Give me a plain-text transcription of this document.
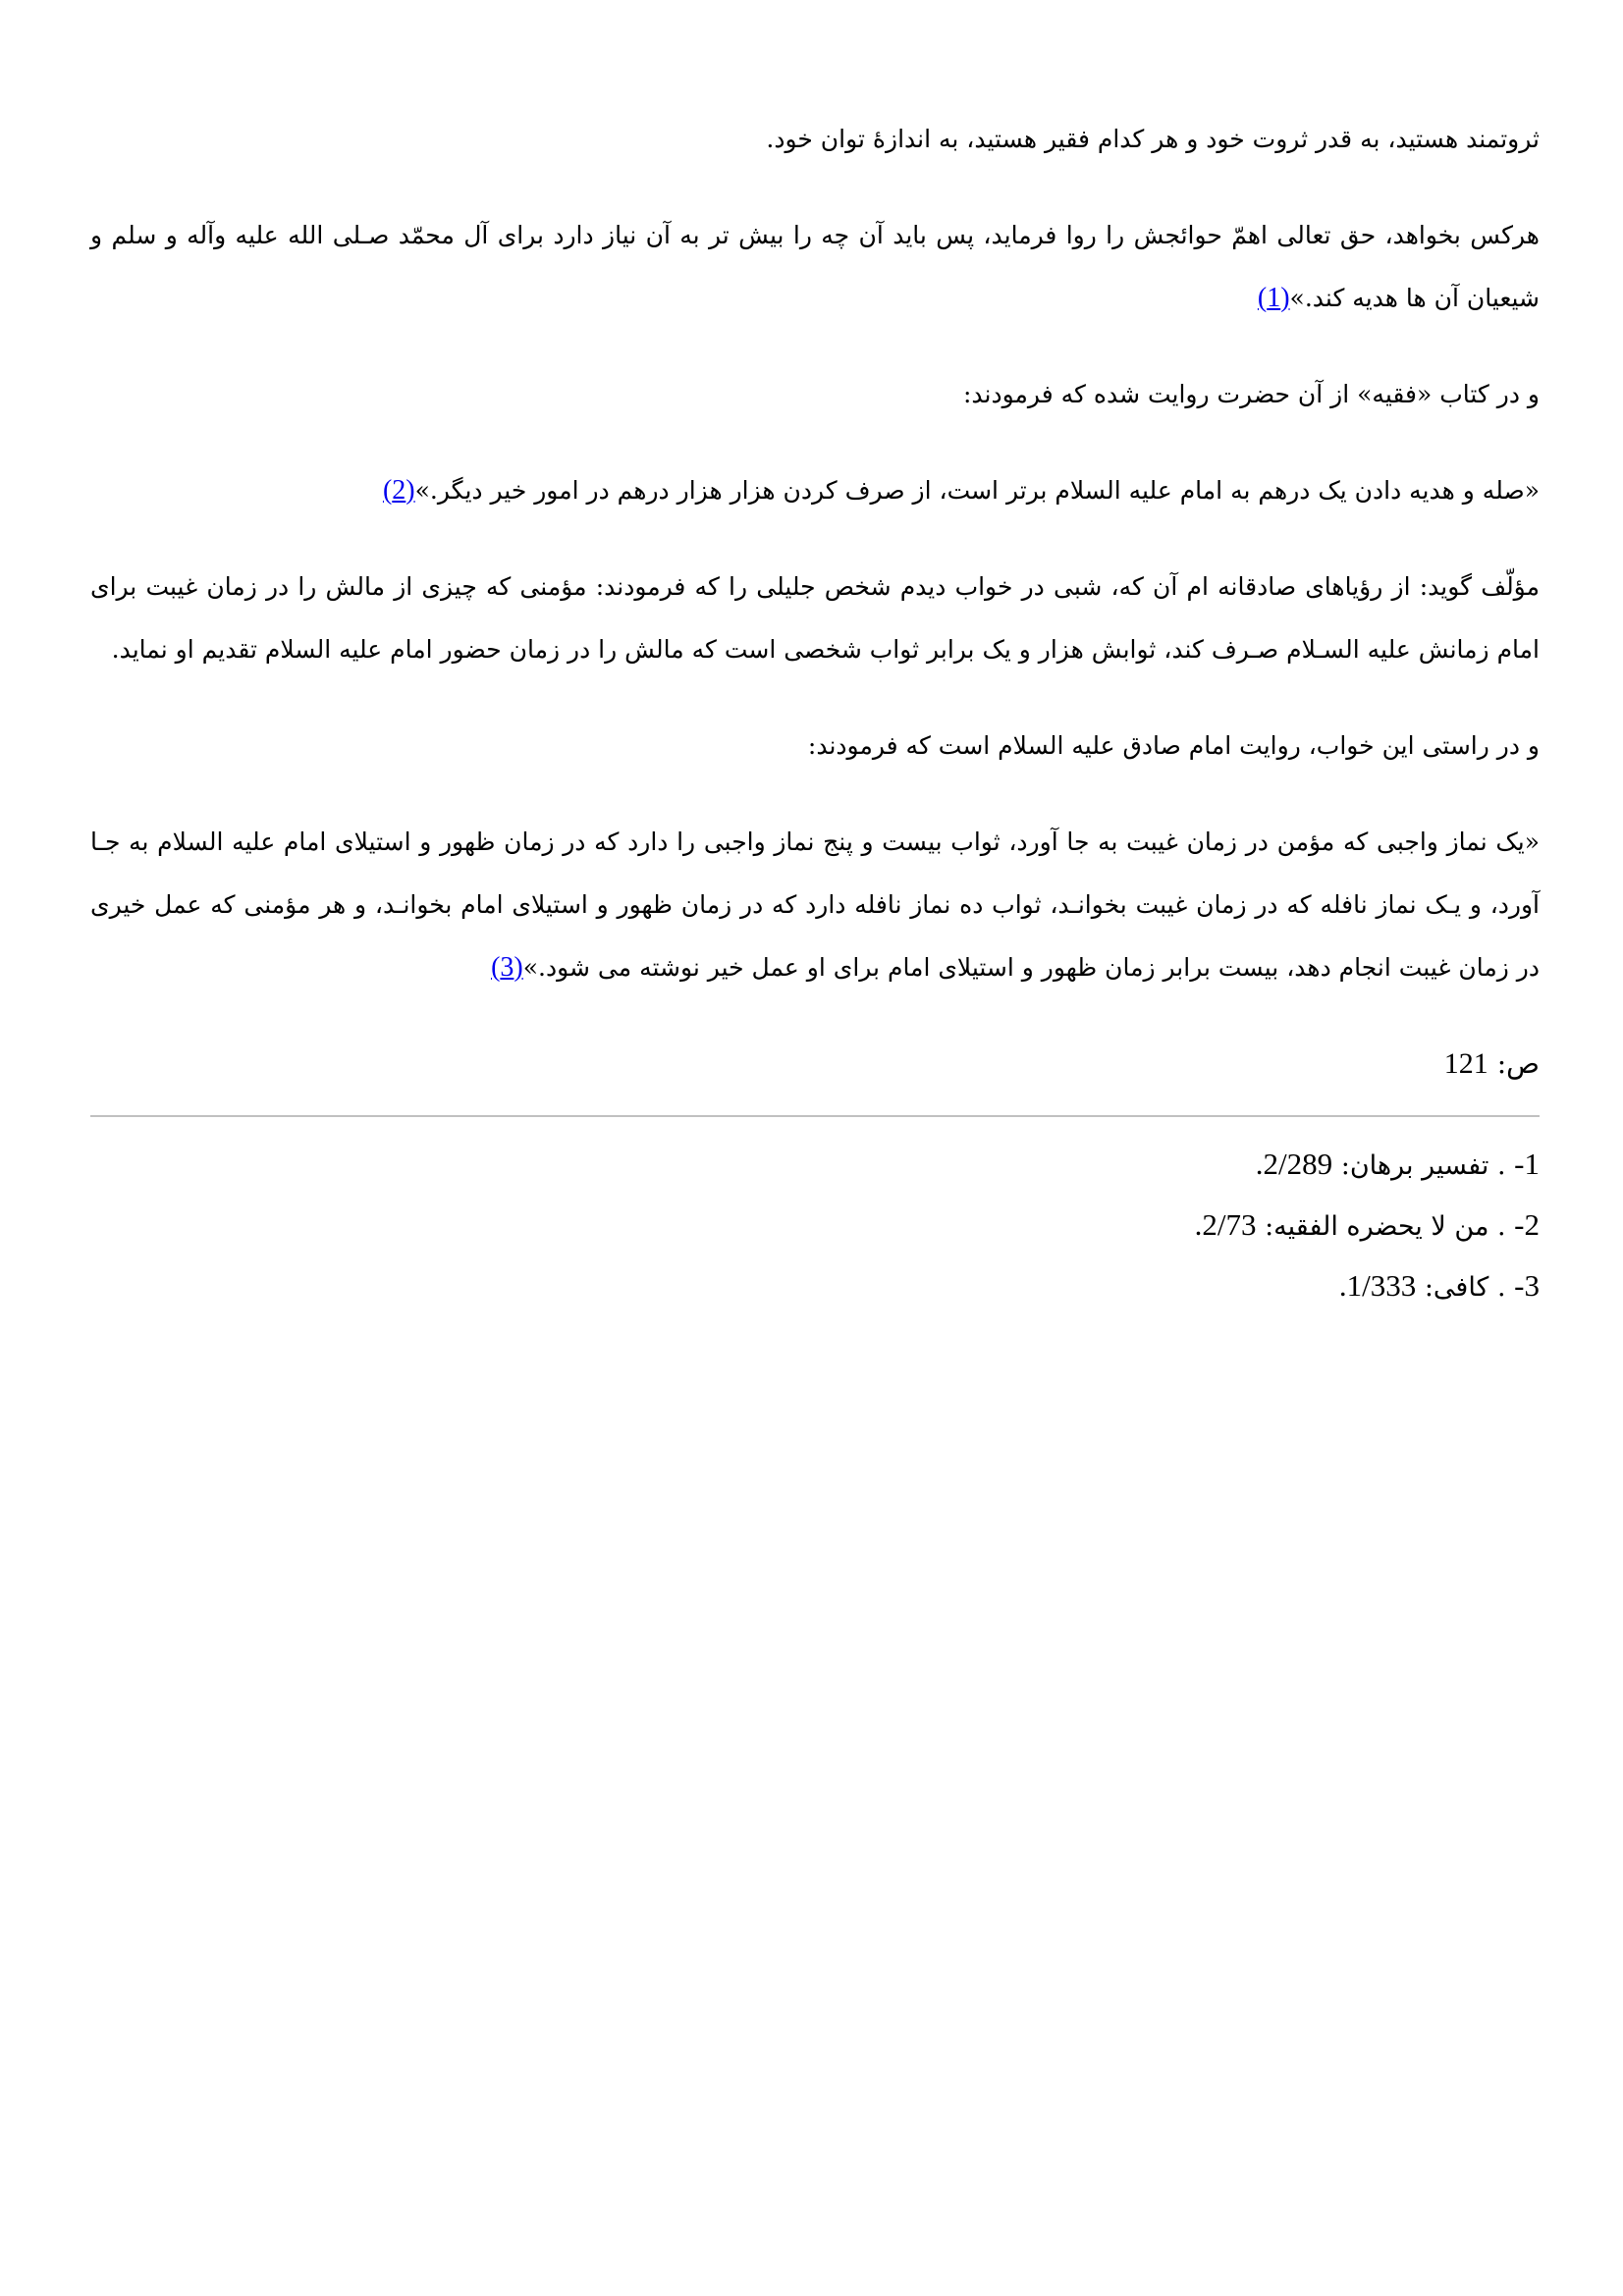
ثروتمند هستید، به قدر ثروت خود و هر کدام فقیر هستید، به اندازهٔ توان خود.

هرکس بخواهد، حق تعالی اهمّ حوائجش را روا فرماید، پس باید آن چه را بیش تر به آن نیاز دارد برای آل محمّد صـلی الله علیه وآله و سلم و شیعیان آن ها هدیه کند.»(1)

و در کتاب «فقیه» از آن حضرت روایت شده که فرمودند:

«صله و هدیه دادن یک درهم به امام علیه السلام برتر است، از صرف کردن هزار هزار درهم در امور خیر دیگر.»(2)

مؤلّف گوید: از رؤیاهای صادقانه ام آن که، شبی در خواب دیدم شخص جلیلی را که فرمودند: مؤمنی که چیزی از مالش را در زمان غیبت برای امام زمانش علیه السـلام صـرف کند، ثوابش هزار و یک برابر ثواب شخصی است که مالش را در زمان حضور امام علیه السلام تقدیم او نماید.

و در راستی این خواب، روایت امام صادق علیه السلام است که فرمودند:

«یک نماز واجبی که مؤمن در زمان غیبت به جا آورد، ثواب بیست و پنج نماز واجبی را دارد که در زمان ظهور و استیلای امام علیه السلام به جـا آورد، و یـک نماز نافله که در زمان غیبت بخوانـد، ثواب ده نماز نافله دارد که در زمان ظهور و استیلای امام بخوانـد، و هر مؤمنی که عمل خیری در زمان غیبت انجام دهد، بیست برابر زمان ظهور و استیلای امام برای او عمل خیر نوشته می شود.»(3)

ص: 121

1- . تفسیر برهان: 2/289.
2- . من لا یحضره الفقیه: 2/73.
3- . کافی: 1/333.
